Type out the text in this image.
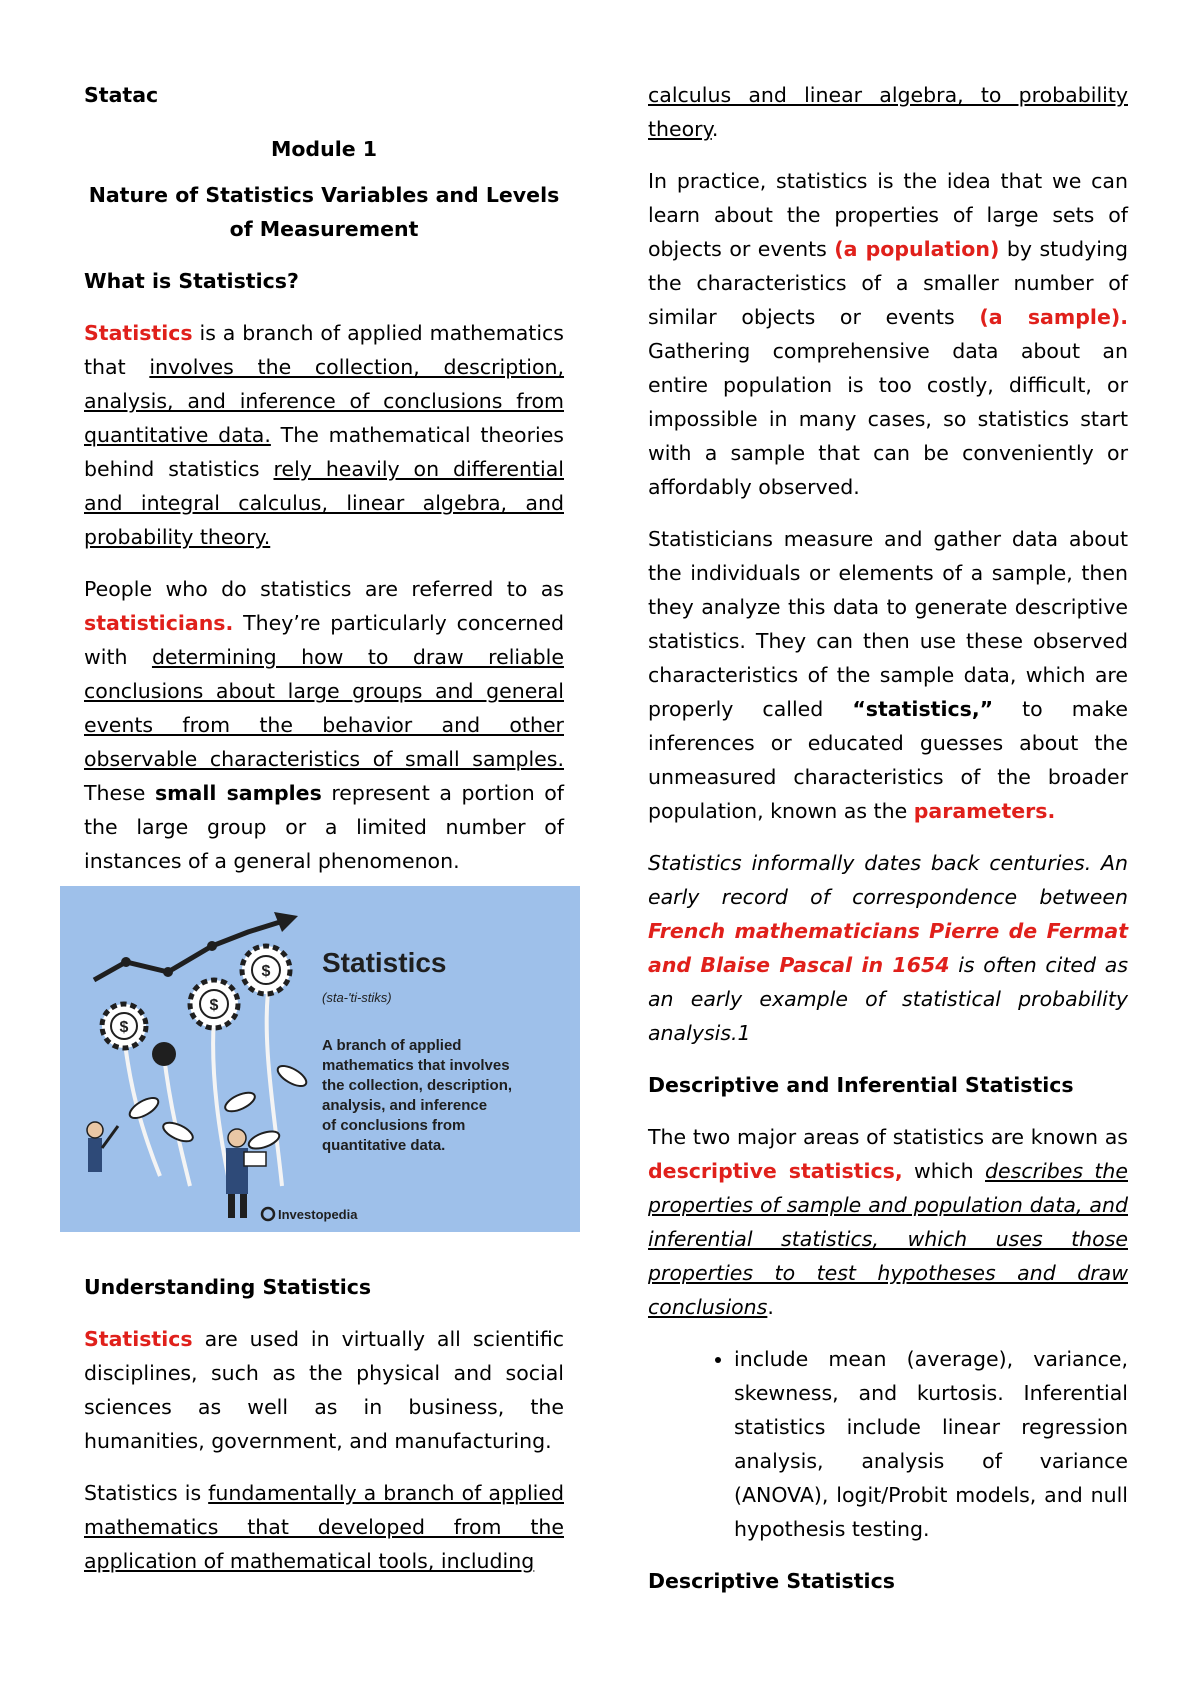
Statac

Module 1

Nature of Statistics Variables and Levels of Measurement

What is Statistics?

Statistics is a branch of applied mathematics that involves the collection, description, analysis, and inference of conclusions from quantitative data. The mathematical theories behind statistics rely heavily on differential and integral calculus, linear algebra, and probability theory.

People who do statistics are referred to as statisticians. They’re particularly concerned with determining how to draw reliable conclusions about large groups and general events from the behavior and other observable characteristics of small samples. These small samples represent a portion of the large group or a limited number of instances of a general phenomenon.

$
$
$ Statistics
(sta-'ti-stiks)
A branch of applied
mathematics that involves
the collection, description,
analysis, and inference
of conclusions from
quantitative data.
Investopedia

Understanding Statistics

Statistics are used in virtually all scientific disciplines, such as the physical and social sciences as well as in business, the humanities, government, and manufacturing.

Statistics is fundamentally a branch of applied mathematics that developed from the application of mathematical tools, including

calculus and linear algebra, to probability theory.

In practice, statistics is the idea that we can learn about the properties of large sets of objects or events (a population) by studying the characteristics of a smaller number of similar objects or events (a sample). Gathering comprehensive data about an entire population is too costly, difficult, or impossible in many cases, so statistics start with a sample that can be conveniently or affordably observed.

Statisticians measure and gather data about the individuals or elements of a sample, then they analyze this data to generate descriptive statistics. They can then use these observed characteristics of the sample data, which are properly called “statistics,” to make inferences or educated guesses about the unmeasured characteristics of the broader population, known as the parameters.

Statistics informally dates back centuries. An early record of correspondence between French mathematicians Pierre de Fermat and Blaise Pascal in 1654 is often cited as an early example of statistical probability analysis.1

Descriptive and Inferential Statistics

The two major areas of statistics are known as descriptive statistics, which describes the properties of sample and population data, and inferential statistics, which uses those properties to test hypotheses and draw conclusions.

• include mean (average), variance, skewness, and kurtosis. Inferential statistics include linear regression analysis, analysis of variance (ANOVA), logit/Probit models, and null hypothesis testing.

Descriptive Statistics
